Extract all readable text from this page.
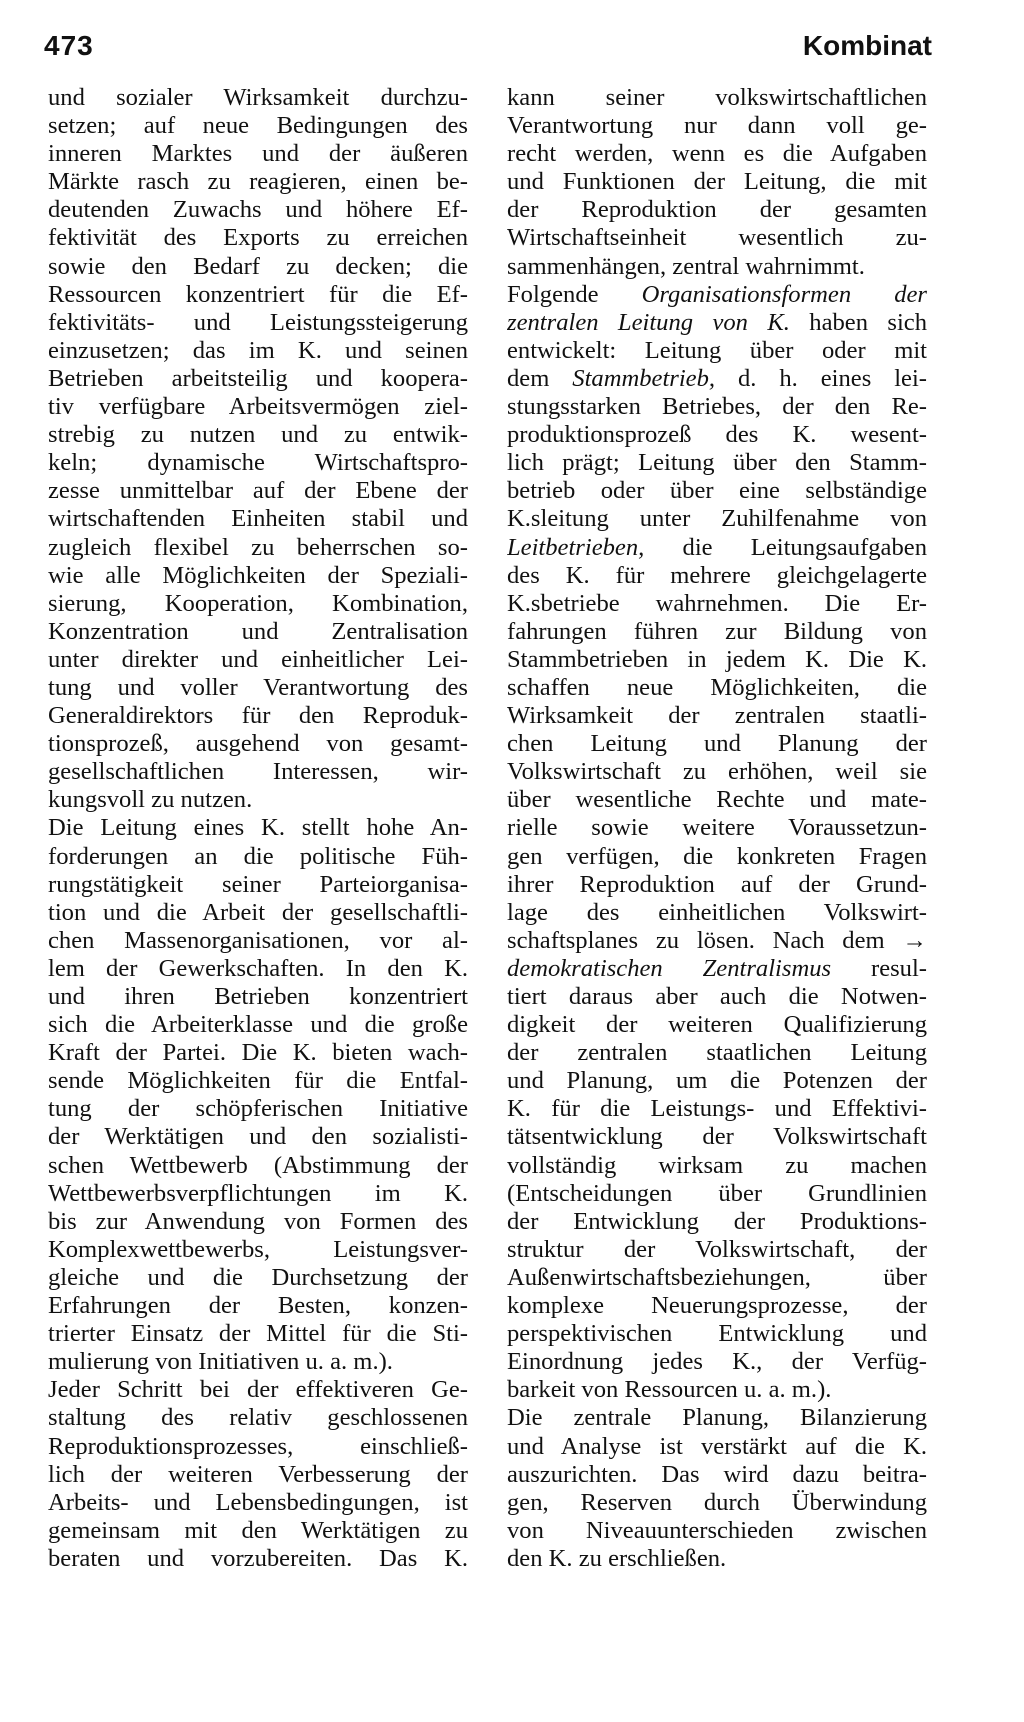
473	Kombinat
und sozialer Wirksamkeit durchzu-
setzen; auf neue Bedingungen des
inneren Marktes und der äußeren
Märkte rasch zu reagieren, einen be-
deutenden Zuwachs und höhere Ef-
fektivität des Exports zu erreichen
sowie den Bedarf zu decken; die
Ressourcen konzentriert für die Ef-
fektivitäts- und Leistungssteigerung
einzusetzen; das im K. und seinen
Betrieben arbeitsteilig und koopera-
tiv verfügbare Arbeitsvermögen ziel-
strebig zu nutzen und zu entwik-
keln; dynamische Wirtschaftspro-
zesse unmittelbar auf der Ebene der
wirtschaftenden Einheiten stabil und
zugleich flexibel zu beherrschen so-
wie alle Möglichkeiten der Speziali-
sierung, Kooperation, Kombination,
Konzentration und Zentralisation
unter direkter und einheitlicher Lei-
tung und voller Verantwortung des
Generaldirektors für den Reproduk-
tionsprozeß, ausgehend von gesamt-
gesellschaftlichen Interessen, wir-
kungsvoll zu nutzen.
Die Leitung eines K. stellt hohe An-
forderungen an die politische Füh-
rungstätigkeit seiner Parteiorganisa-
tion und die Arbeit der gesellschaftli-
chen Massenorganisationen, vor al-
lem der Gewerkschaften. In den K.
und ihren Betrieben konzentriert
sich die Arbeiterklasse und die große
Kraft der Partei. Die K. bieten wach-
sende Möglichkeiten für die Entfal-
tung der schöpferischen Initiative
der Werktätigen und den sozialisti-
schen Wettbewerb (Abstimmung der
Wettbewerbsverpflichtungen im K.
bis zur Anwendung von Formen des
Komplexwettbewerbs, Leistungsver-
gleiche und die Durchsetzung der
Erfahrungen der Besten, konzen-
trierter Einsatz der Mittel für die Sti-
mulierung von Initiativen u. a. m.).
Jeder Schritt bei der effektiveren Ge-
staltung des relativ geschlossenen
Reproduktionsprozesses, einschließ-
lich der weiteren Verbesserung der
Arbeits- und Lebensbedingungen, ist
gemeinsam mit den Werktätigen zu
beraten und vorzubereiten. Das K.
kann seiner volkswirtschaftlichen
Verantwortung nur dann voll ge-
recht werden, wenn es die Aufgaben
und Funktionen der Leitung, die mit
der Reproduktion der gesamten
Wirtschaftseinheit wesentlich zu-
sammenhängen, zentral wahrnimmt.
Folgende Organisationsformen der
zentralen Leitung von K. haben sich
entwickelt: Leitung über oder mit
dem Stammbetrieb, d. h. eines lei-
stungsstarken Betriebes, der den Re-
produktionsprozeß des K. wesent-
lich prägt; Leitung über den Stamm-
betrieb oder über eine selbständige
K.sleitung unter Zuhilfenahme von
Leitbetrieben, die Leitungsaufgaben
des K. für mehrere gleichgelagerte
K.sbetriebe wahrnehmen. Die Er-
fahrungen führen zur Bildung von
Stammbetrieben in jedem K. Die K.
schaffen neue Möglichkeiten, die
Wirksamkeit der zentralen staatli-
chen Leitung und Planung der
Volkswirtschaft zu erhöhen, weil sie
über wesentliche Rechte und mate-
rielle sowie weitere Voraussetzun-
gen verfügen, die konkreten Fragen
ihrer Reproduktion auf der Grund-
lage des einheitlichen Volkswirt-
schaftsplanes zu lösen. Nach dem →
demokratischen Zentralismus resul-
tiert daraus aber auch die Notwen-
digkeit der weiteren Qualifizierung
der zentralen staatlichen Leitung
und Planung, um die Potenzen der
K. für die Leistungs- und Effektivi-
tätsentwicklung der Volkswirtschaft
vollständig wirksam zu machen
(Entscheidungen über Grundlinien
der Entwicklung der Produktions-
struktur der Volkswirtschaft, der
Außenwirtschaftsbeziehungen, über
komplexe Neuerungsprozesse, der
perspektivischen Entwicklung und
Einordnung jedes K., der Verfüg-
barkeit von Ressourcen u. a. m.).
Die zentrale Planung, Bilanzierung
und Analyse ist verstärkt auf die K.
auszurichten. Das wird dazu beitra-
gen, Reserven durch Überwindung
von Niveauunterschieden zwischen
den K. zu erschließen.
